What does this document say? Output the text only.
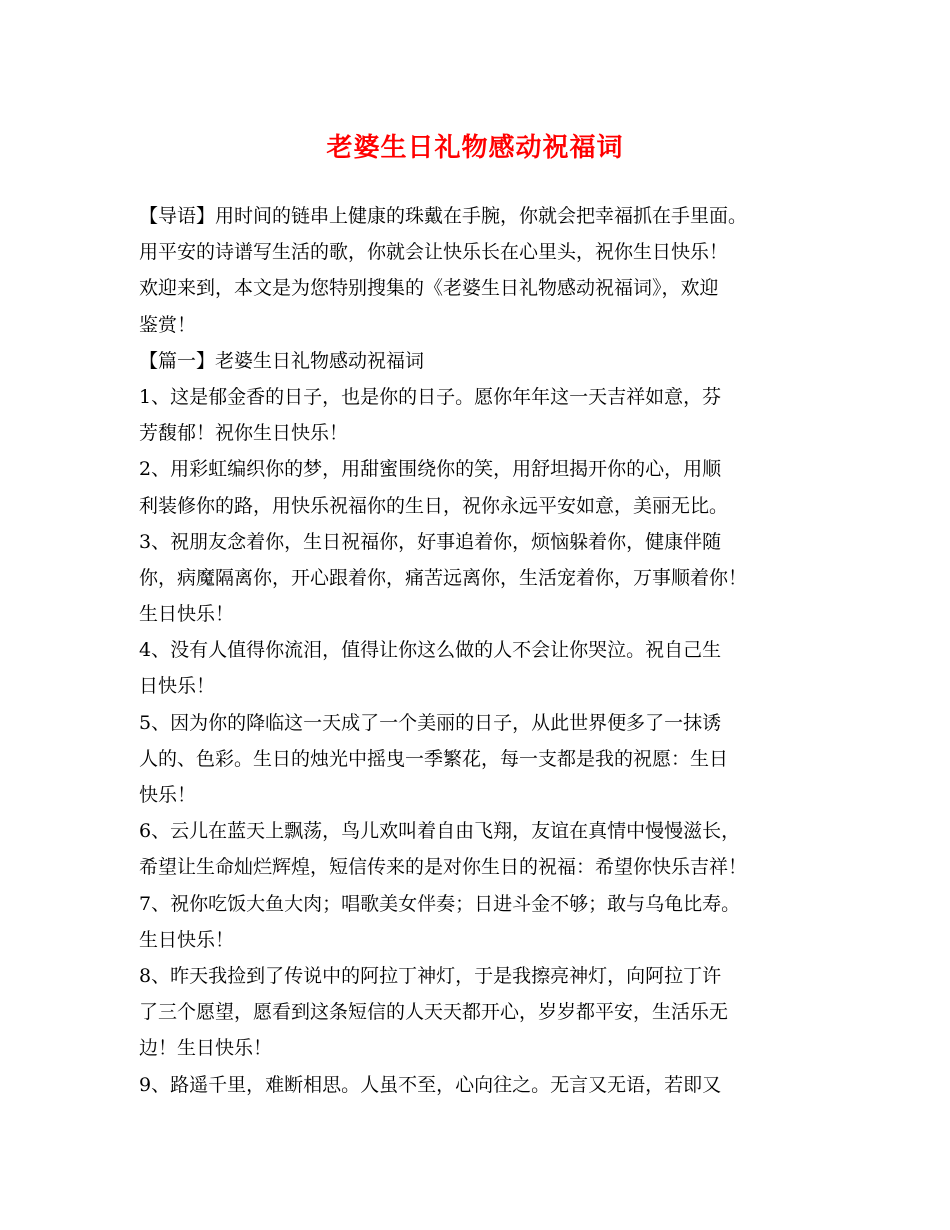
老婆生日礼物感动祝福词
【导语】用时间的链串上健康的珠戴在手腕，你就会把幸福抓在手里面。
用平安的诗谱写生活的歌，你就会让快乐长在心里头，祝你生日快乐！
欢迎来到，本文是为您特别搜集的《老婆生日礼物感动祝福词》，欢迎
鉴赏！
【篇一】老婆生日礼物感动祝福词
1、这是郁金香的日子，也是你的日子。愿你年年这一天吉祥如意，芬
芳馥郁！祝你生日快乐！
2、用彩虹编织你的梦，用甜蜜围绕你的笑，用舒坦揭开你的心，用顺
利装修你的路，用快乐祝福你的生日，祝你永远平安如意，美丽无比。
3、祝朋友念着你，生日祝福你，好事追着你，烦恼躲着你，健康伴随
你，病魔隔离你，开心跟着你，痛苦远离你，生活宠着你，万事顺着你！
生日快乐！
4、没有人值得你流泪，值得让你这么做的人不会让你哭泣。祝自己生
日快乐！
5、因为你的降临这一天成了一个美丽的日子，从此世界便多了一抹诱
人的、色彩。生日的烛光中摇曳一季繁花，每一支都是我的祝愿：生日
快乐！
6、云儿在蓝天上飘荡，鸟儿欢叫着自由飞翔，友谊在真情中慢慢滋长，
希望让生命灿烂辉煌，短信传来的是对你生日的祝福：希望你快乐吉祥！
7、祝你吃饭大鱼大肉；唱歌美女伴奏；日进斗金不够；敢与乌龟比寿。
生日快乐！
8、昨天我捡到了传说中的阿拉丁神灯，于是我擦亮神灯，向阿拉丁许
了三个愿望，愿看到这条短信的人天天都开心，岁岁都平安，生活乐无
边！生日快乐！
9、路遥千里，难断相思。人虽不至，心向往之。无言又无语，若即又
